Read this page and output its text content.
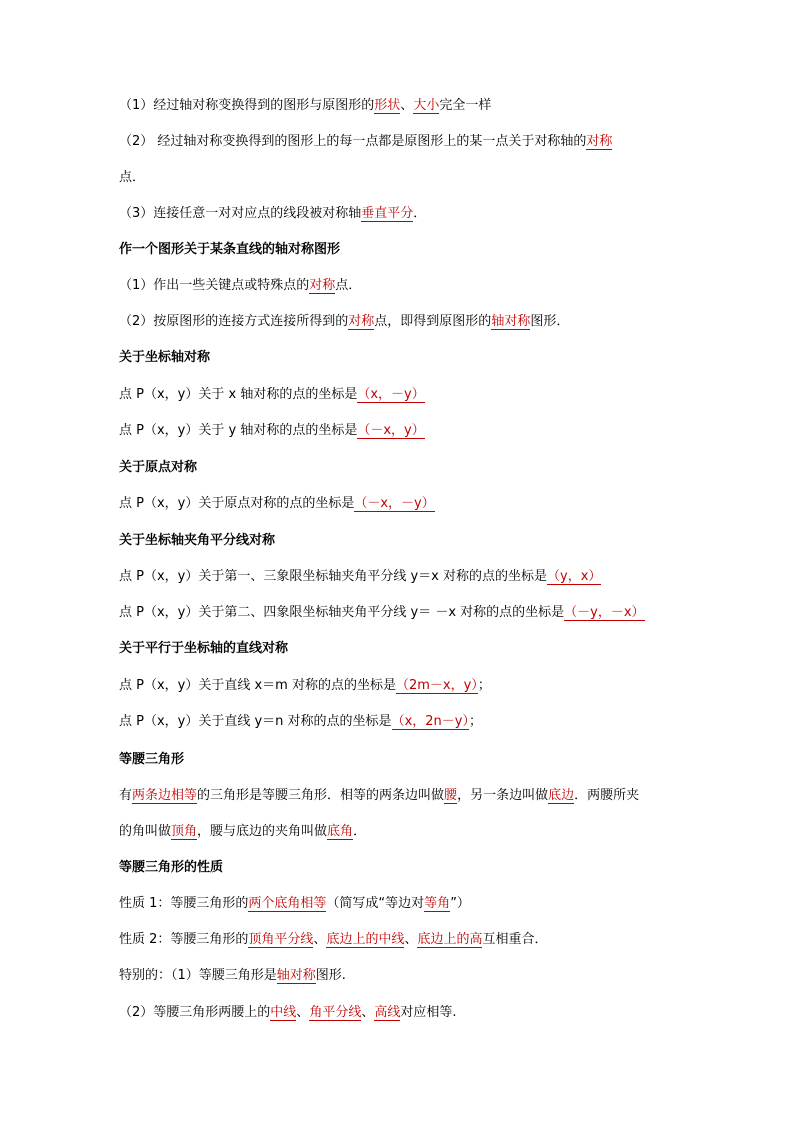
（1）经过轴对称变换得到的图形与原图形的形状、大小完全一样
（2） 经过轴对称变换得到的图形上的每一点都是原图形上的某一点关于对称轴的对称
点．
（3）连接任意一对对应点的线段被对称轴垂直平分．
作一个图形关于某条直线的轴对称图形
（1）作出一些关键点或特殊点的对称点．
（2）按原图形的连接方式连接所得到的对称点，即得到原图形的轴对称图形．
关于坐标轴对称
点 P（x，y）关于 x 轴对称的点的坐标是（x，－y）
点 P（x，y）关于 y 轴对称的点的坐标是（－x，y）
关于原点对称
点 P（x，y）关于原点对称的点的坐标是（－x，－y）
关于坐标轴夹角平分线对称
点 P（x，y）关于第一、三象限坐标轴夹角平分线 y＝x 对称的点的坐标是（y，x）
点 P（x，y）关于第二、四象限坐标轴夹角平分线 y＝ －x 对称的点的坐标是（－y，－x）
关于平行于坐标轴的直线对称
点 P（x，y）关于直线 x＝m 对称的点的坐标是（2m－x，y）；
点 P（x，y）关于直线 y＝n 对称的点的坐标是（x，2n－y）；
等腰三角形
有两条边相等的三角形是等腰三角形．相等的两条边叫做腰，另一条边叫做底边．两腰所夹
的角叫做顶角，腰与底边的夹角叫做底角．
等腰三角形的性质
性质 1：等腰三角形的两个底角相等（简写成“等边对等角”）
性质 2：等腰三角形的顶角平分线、底边上的中线、底边上的高互相重合．
特别的：（1）等腰三角形是轴对称图形.
（2）等腰三角形两腰上的中线、角平分线、高线对应相等.
